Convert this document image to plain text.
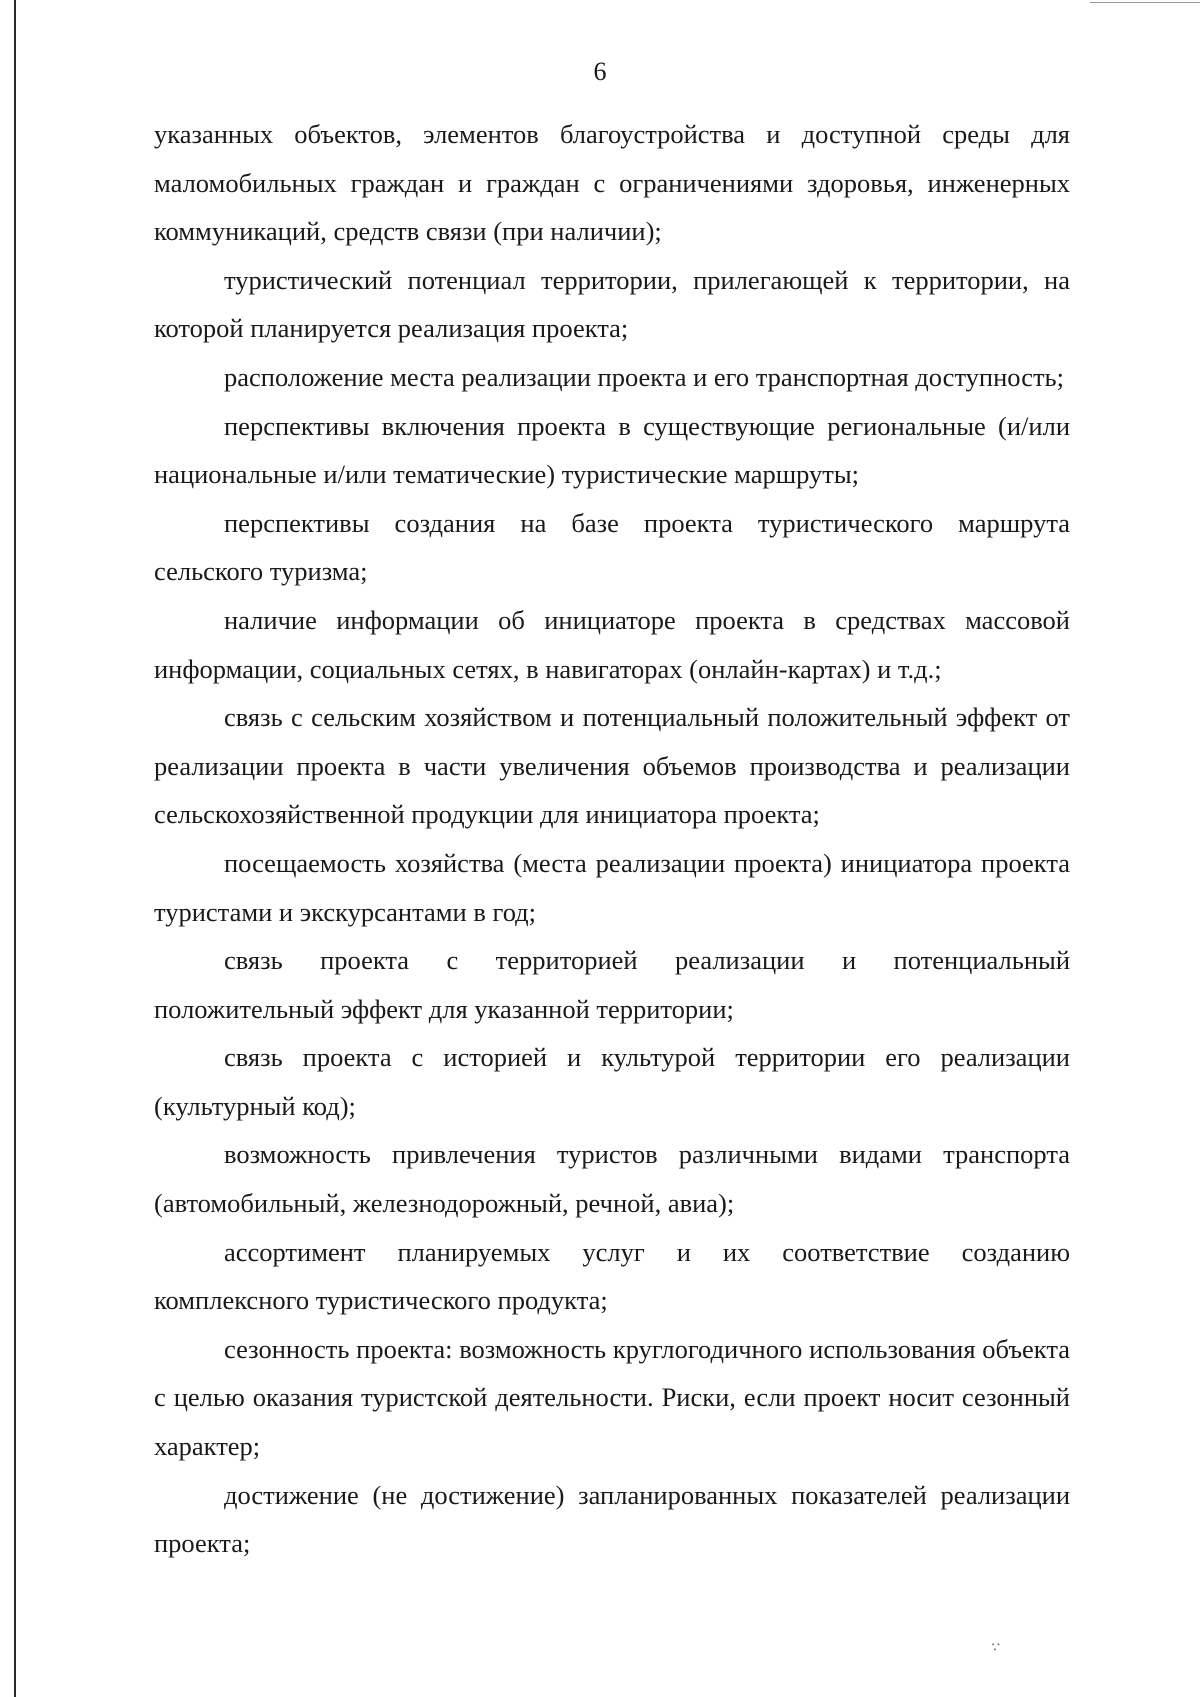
6

указанных объектов, элементов благоустройства и доступной среды для маломобильных граждан и граждан с ограничениями здоровья, инженерных коммуникаций, средств связи (при наличии);

туристический потенциал территории, прилегающей к территории, на которой планируется реализация проекта;

расположение места реализации проекта и его транспортная доступность;

перспективы включения проекта в существующие региональные (и/или национальные и/или тематические) туристические маршруты;

перспективы создания на базе проекта туристического маршрута сельского туризма;

наличие информации об инициаторе проекта в средствах массовой информации, социальных сетях, в навигаторах (онлайн-картах) и т.д.;

связь с сельским хозяйством и потенциальный положительный эффект от реализации проекта в части увеличения объемов производства и реализации сельскохозяйственной продукции для инициатора проекта;

посещаемость хозяйства (места реализации проекта) инициатора проекта туристами и экскурсантами в год;

связь проекта с территорией реализации и потенциальный положительный эффект для указанной территории;

связь проекта с историей и культурой территории его реализации (культурный код);

возможность привлечения туристов различными видами транспорта (автомобильный, железнодорожный, речной, авиа);

ассортимент планируемых услуг и их соответствие созданию комплексного туристического продукта;

сезонность проекта: возможность круглогодичного использования объекта с целью оказания туристской деятельности. Риски, если проект носит сезонный характер;

достижение (не достижение) запланированных показателей реализации проекта;

⁖
